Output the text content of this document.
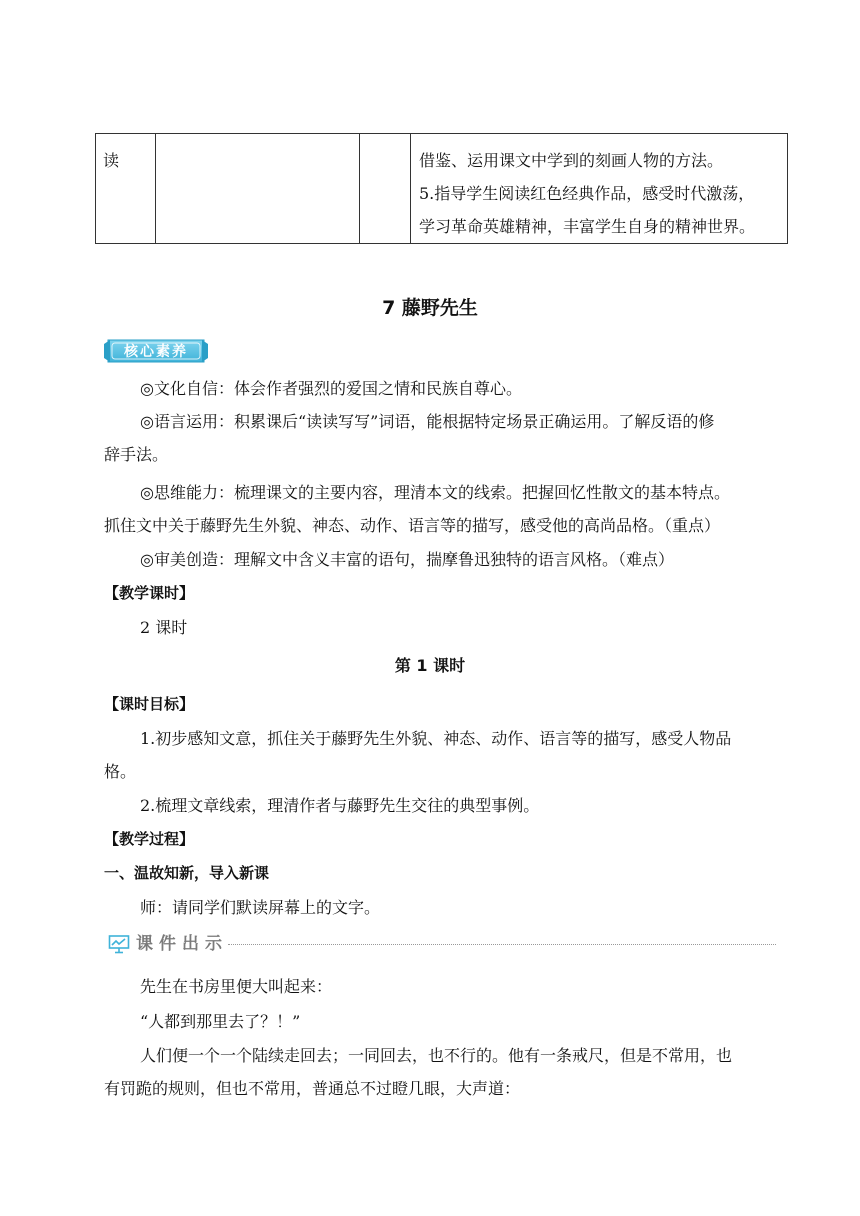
读			借鉴、运用课文中学到的刻画人物的方法。
5.指导学生阅读红色经典作品，感受时代激荡，
学习革命英雄精神，丰富学生自身的精神世界。
7 藤野先生
核心素养
◎文化自信：体会作者强烈的爱国之情和民族自尊心。
◎语言运用：积累课后“读读写写”词语，能根据特定场景正确运用。了解反语的修
辞手法。
◎思维能力：梳理课文的主要内容，理清本文的线索。把握回忆性散文的基本特点。
抓住文中关于藤野先生外貌、神态、动作、语言等的描写，感受他的高尚品格。（重点）
◎审美创造：理解文中含义丰富的语句，揣摩鲁迅独特的语言风格。（难点）
【教学课时】
2 课时
第 1 课时
【课时目标】
1.初步感知文意，抓住关于藤野先生外貌、神态、动作、语言等的描写，感受人物品
格。
2.梳理文章线索，理清作者与藤野先生交往的典型事例。
【教学过程】
一、温故知新，导入新课
师：请同学们默读屏幕上的文字。
课件出示
先生在书房里便大叫起来：
“人都到那里去了？！”
人们便一个一个陆续走回去；一同回去，也不行的。他有一条戒尺，但是不常用，也
有罚跪的规则，但也不常用，普通总不过瞪几眼，大声道：
